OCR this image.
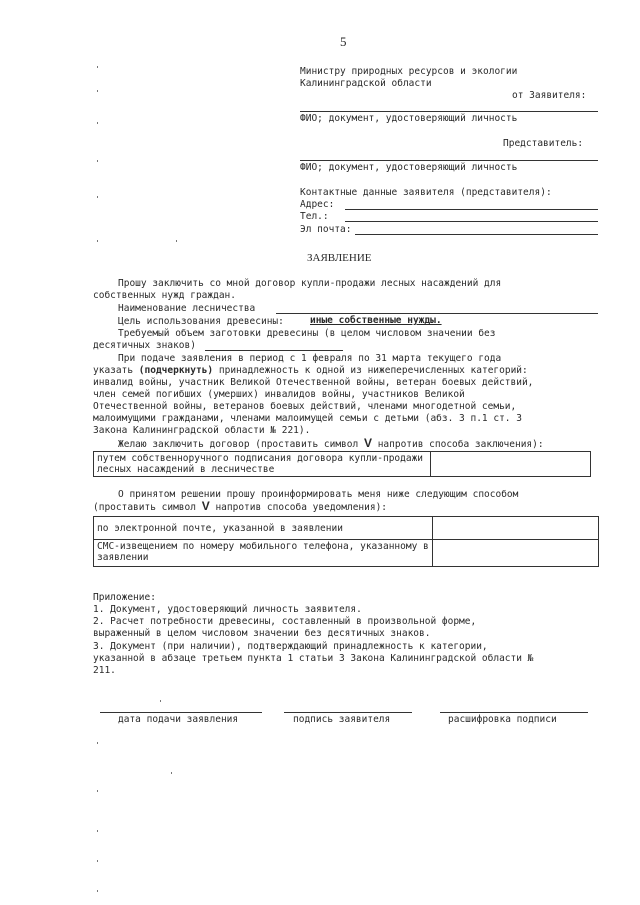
5
Министру природных ресурсов и экологии
Калининградской области
от Заявителя:
ФИО; документ, удостоверяющий личность
Представитель:
ФИО; документ, удостоверяющий личность
Контактные данные заявителя (представителя):
Адрес:
Тел.:
Эл почта:
ЗАЯВЛЕНИЕ
Прошу заключить со мной договор купли-продажи лесных насаждений для
собственных нужд граждан.
Наименование лесничества
Цель использования древесины:	иные собственные нужды.
Требуемый объем заготовки древесины (в целом числовом значении без
десятичных знаков)
При подаче заявления в период с 1 февраля по 31 марта текущего года
указать (подчеркнуть) принадлежность к одной из нижеперечисленных категорий:
инвалид войны, участник Великой Отечественной войны, ветеран боевых действий,
член семей погибших (умерших) инвалидов войны, участников Великой
Отечественной войны, ветеранов боевых действий, членами многодетной семьи,
малоимущими гражданами, членами малоимущей семьи с детьми (абз. 3 п.1 ст. 3
Закона Калининградской области № 221).
Желаю заключить договор (проставить символ V напротив способа заключения):
путем собственноручного подписания договора купли-продажи лесных насаждений в лесничестве	
О принятом решении прошу проинформировать меня ниже следующим способом
(проставить символ V напротив способа уведомления):
по электронной почте, указанной в заявлении	
СМС-извещением по номеру мобильного телефона, указанному в заявлении	
Приложение:
1. Документ, удостоверяющий личность заявителя.
2. Расчет потребности древесины, составленный в произвольной форме,
выраженный в целом числовом значении без десятичных знаков.
3. Документ (при наличии), подтверждающий принадлежность к категории,
указанной в абзаце третьем пункта 1 статьи 3 Закона Калининградской области №
211.
дата подачи заявления	подпись заявителя	расшифровка подписи
